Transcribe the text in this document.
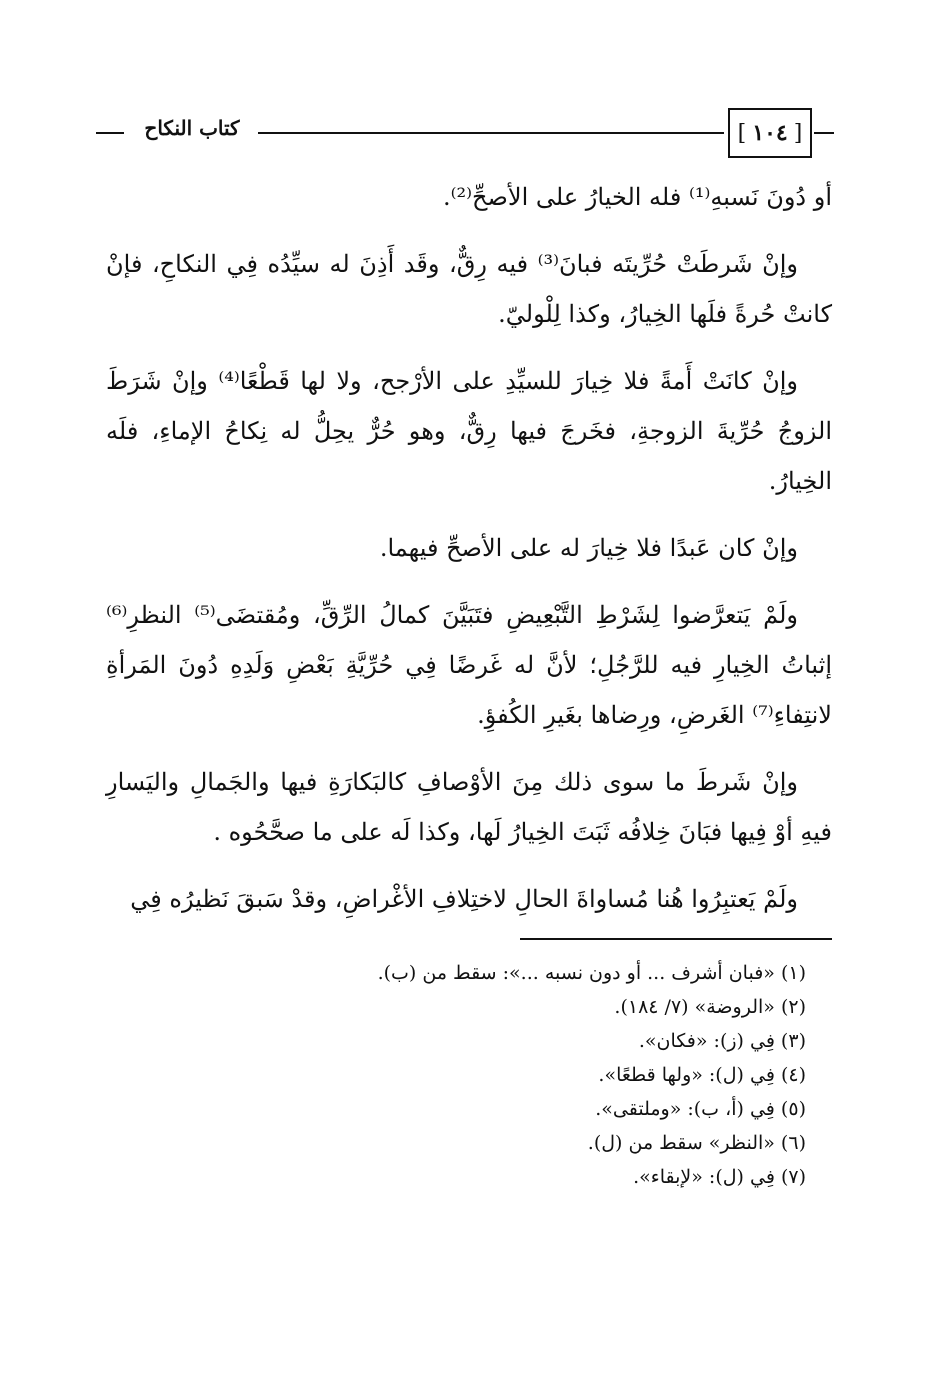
[ ١٠٤ ]
كتاب النكاح

أو دُونَ نَسبهِ⁽¹⁾ فله الخيارُ على الأصحِّ⁽²⁾.

وإنْ شَرطَتْ حُرِّيتَه فبانَ⁽³⁾ فيه رِقٌّ، وقَد أَذِنَ له سيِّدُه فِي النكاحِ، فإنْ كانتْ حُرةً فلَها الخِيارُ، وكذا لِلْوليّ.

وإنْ كانَتْ أَمةً فلا خِيارَ للسيِّدِ على الأرْجح، ولا لها قَطْعًا⁽⁴⁾ وإنْ شَرَطَ الزوجُ حُرِّيةَ الزوجةِ، فخَرجَ فيها رِقٌّ، وهو حُرٌّ يحِلُّ له نِكاحُ الإماءِ، فلَه الخِيارُ.

وإنْ كان عَبدًا فلا خِيارَ له على الأصحِّ فيهما.

ولَمْ يَتعرَّضوا لِشَرْطِ التَّبْعِيضِ فتَبَيَّنَ كمالُ الرِّقِّ، ومُقتضَى⁽⁵⁾ النظرِ⁽⁶⁾ إثباتُ الخِيارِ فيه للرَّجُلِ؛ لأنَّ له غَرضًا فِي حُرِّيَّةِ بَعْضِ وَلَدِهِ دُونَ المَرأةِ لانتِفاءِ⁽⁷⁾ الغَرضِ، ورِضاها بغَيرِ الكُفؤِ.

وإنْ شَرطَ ما سوى ذلك مِنَ الأوْصافِ كالبَكارَةِ فيها والجَمالِ واليَسارِ فيهِ أوْ فِيها فبَانَ خِلافُه ثَبَتَ الخِيارُ لَها، وكذا لَه على ما صحَّحُوه .

ولَمْ يَعتبِرُوا هُنا مُساواةَ الحالِ لاختِلافِ الأغْراضِ، وقدْ سَبقَ نَظيرُه فِي

(١) «فبان أشرف ... أو دون نسبه ...»: سقط من (ب).

(٢) «الروضة» (٧/ ١٨٤).

(٣) فِي (ز): «فكان».

(٤) فِي (ل): «ولها قطعًا».

(٥) فِي (أ، ب): «وملتقى».

(٦) «النظر» سقط من (ل).

(٧) فِي (ل): «لإبقاء».
